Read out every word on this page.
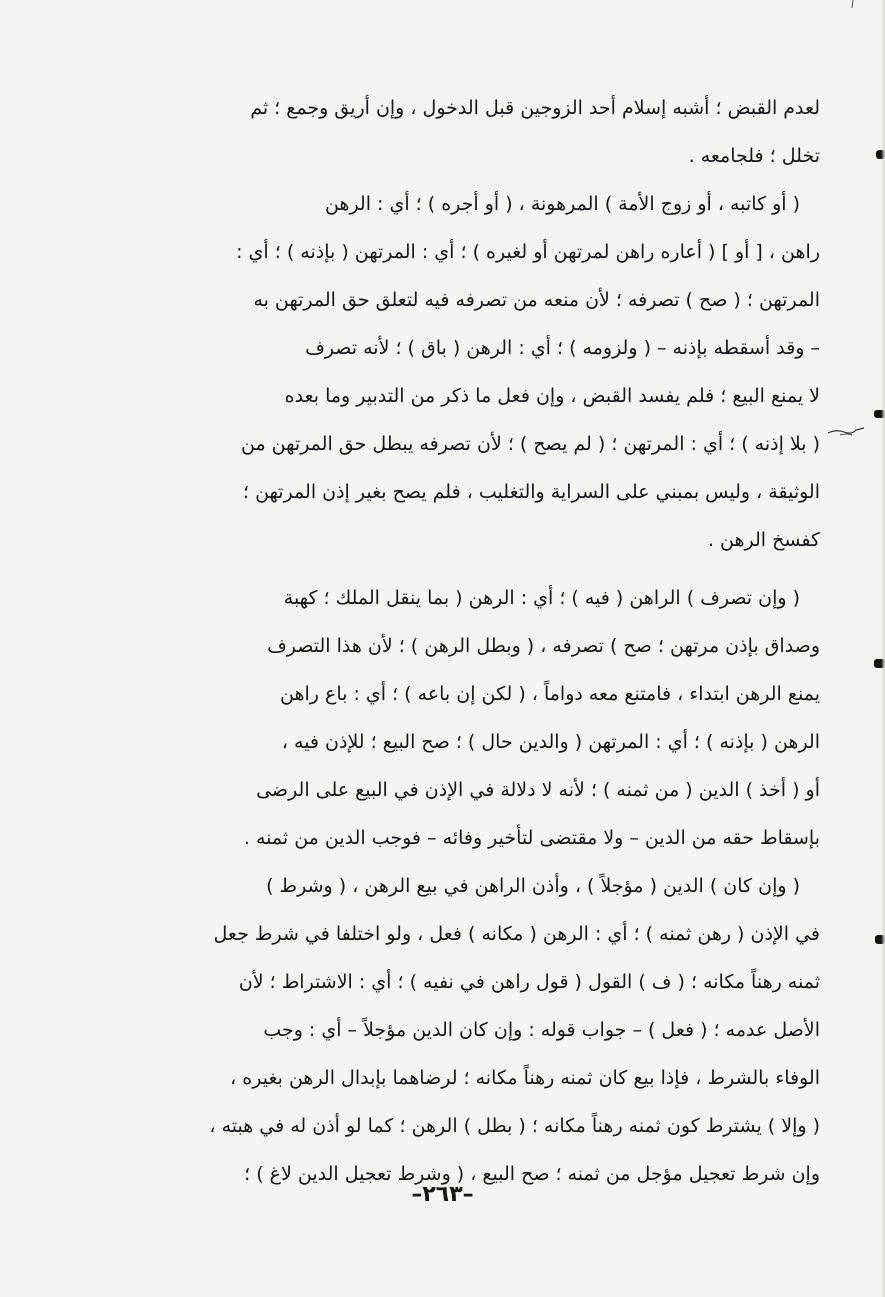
لعدم القبض ؛ أشبه إسلام أحد الزوجين قبل الدخول ، وإن أريق وجمع ؛ ثم
تخلل ؛ فلجامعه .
( أو كاتبه ، أو زوج الأمة ) المرهونة ، ( أو أجره ) ؛ أي : الرهن
راهن ، [ أو ] ( أعاره راهن لمرتهن أو لغيره ) ؛ أي : المرتهن ( بإذنه ) ؛ أي :
المرتهن ؛ ( صح ) تصرفه ؛ لأن منعه من تصرفه فيه لتعلق حق المرتهن به
– وقد أسقطه بإذنه – ( ولزومه ) ؛ أي : الرهن ( باق ) ؛ لأنه تصرف
لا يمنع البيع ؛ فلم يفسد القبض ، وإن فعل ما ذكر من التدبير وما بعده
( بلا إذنه ) ؛ أي : المرتهن ؛ ( لم يصح ) ؛ لأن تصرفه يبطل حق المرتهن من
الوثيقة ، وليس بمبني على السراية والتغليب ، فلم يصح بغير إذن المرتهن ؛
كفسخ الرهن .
( وإن تصرف ) الراهن ( فيه ) ؛ أي : الرهن ( بما ينقل الملك ؛ كهبة
وصداق بإذن مرتهن ؛ صح ) تصرفه ، ( وبطل الرهن ) ؛ لأن هذا التصرف
يمنع الرهن ابتداء ، فامتنع معه دواماً ، ( لكن إن باعه ) ؛ أي : باع راهن
الرهن ( بإذنه ) ؛ أي : المرتهن ( والدين حال ) ؛ صح البيع ؛ للإذن فيه ،
أو ( أخذ ) الدين ( من ثمنه ) ؛ لأنه لا دلالة في الإذن في البيع على الرضى
بإسقاط حقه من الدين – ولا مقتضى لتأخير وفائه – فوجب الدين من ثمنه .
( وإن كان ) الدين ( مؤجلاً ) ، وأذن الراهن في بيع الرهن ، ( وشرط )
في الإذن ( رهن ثمنه ) ؛ أي : الرهن ( مكانه ) فعل ، ولو اختلفا في شرط جعل
ثمنه رهناً مكانه ؛ ( ف ) القول ( قول راهن في نفيه ) ؛ أي : الاشتراط ؛ لأن
الأصل عدمه ؛ ( فعل ) – جواب قوله : وإن كان الدين مؤجلاً – أي : وجب
الوفاء بالشرط ، فإذا بيع كان ثمنه رهناً مكانه ؛ لرضاهما بإبدال الرهن بغيره ،
( وإلا ) يشترط كون ثمنه رهناً مكانه ؛ ( بطل ) الرهن ؛ كما لو أذن له في هبته ،
وإن شرط تعجيل مؤجل من ثمنه ؛ صح البيع ، ( وشرط تعجيل الدين لاغ ) ؛
–٢٦٣–
